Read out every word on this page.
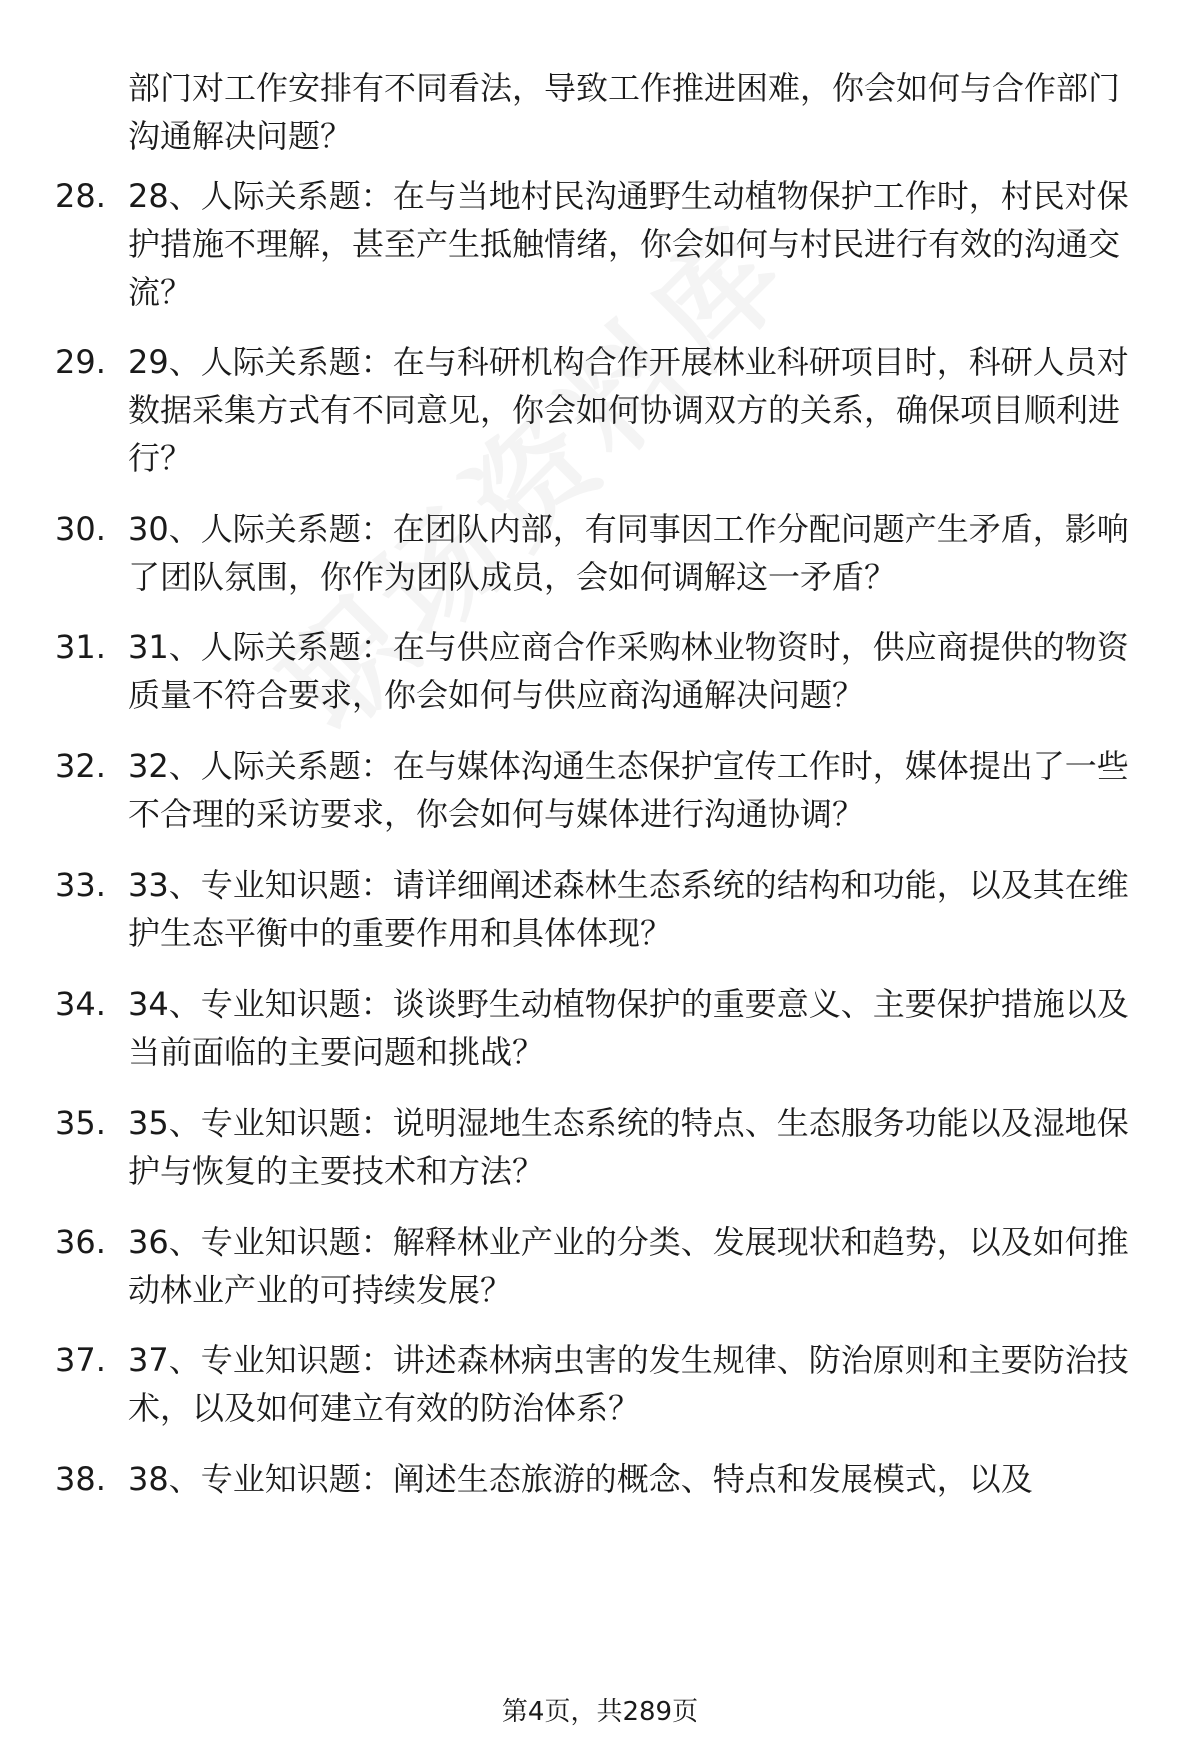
部门对工作安排有不同看法，导致工作推进困难，你会如何与合作部门沟通解决问题？
28. 28、人际关系题：在与当地村民沟通野生动植物保护工作时，村民对保护措施不理解，甚至产生抵触情绪，你会如何与村民进行有效的沟通交流？
29. 29、人际关系题：在与科研机构合作开展林业科研项目时，科研人员对数据采集方式有不同意见，你会如何协调双方的关系，确保项目顺利进行？
30. 30、人际关系题：在团队内部，有同事因工作分配问题产生矛盾，影响了团队氛围，你作为团队成员，会如何调解这一矛盾？
31. 31、人际关系题：在与供应商合作采购林业物资时，供应商提供的物资质量不符合要求，你会如何与供应商沟通解决问题？
32. 32、人际关系题：在与媒体沟通生态保护宣传工作时，媒体提出了一些不合理的采访要求，你会如何与媒体进行沟通协调？
33. 33、专业知识题：请详细阐述森林生态系统的结构和功能，以及其在维护生态平衡中的重要作用和具体体现？
34. 34、专业知识题：谈谈野生动植物保护的重要意义、主要保护措施以及当前面临的主要问题和挑战？
35. 35、专业知识题：说明湿地生态系统的特点、生态服务功能以及湿地保护与恢复的主要技术和方法？
36. 36、专业知识题：解释林业产业的分类、发展现状和趋势，以及如何推动林业产业的可持续发展？
37. 37、专业知识题：讲述森林病虫害的发生规律、防治原则和主要防治技术，以及如何建立有效的防治体系？
38. 38、专业知识题：阐述生态旅游的概念、特点和发展模式，以及
第4页，共289页
